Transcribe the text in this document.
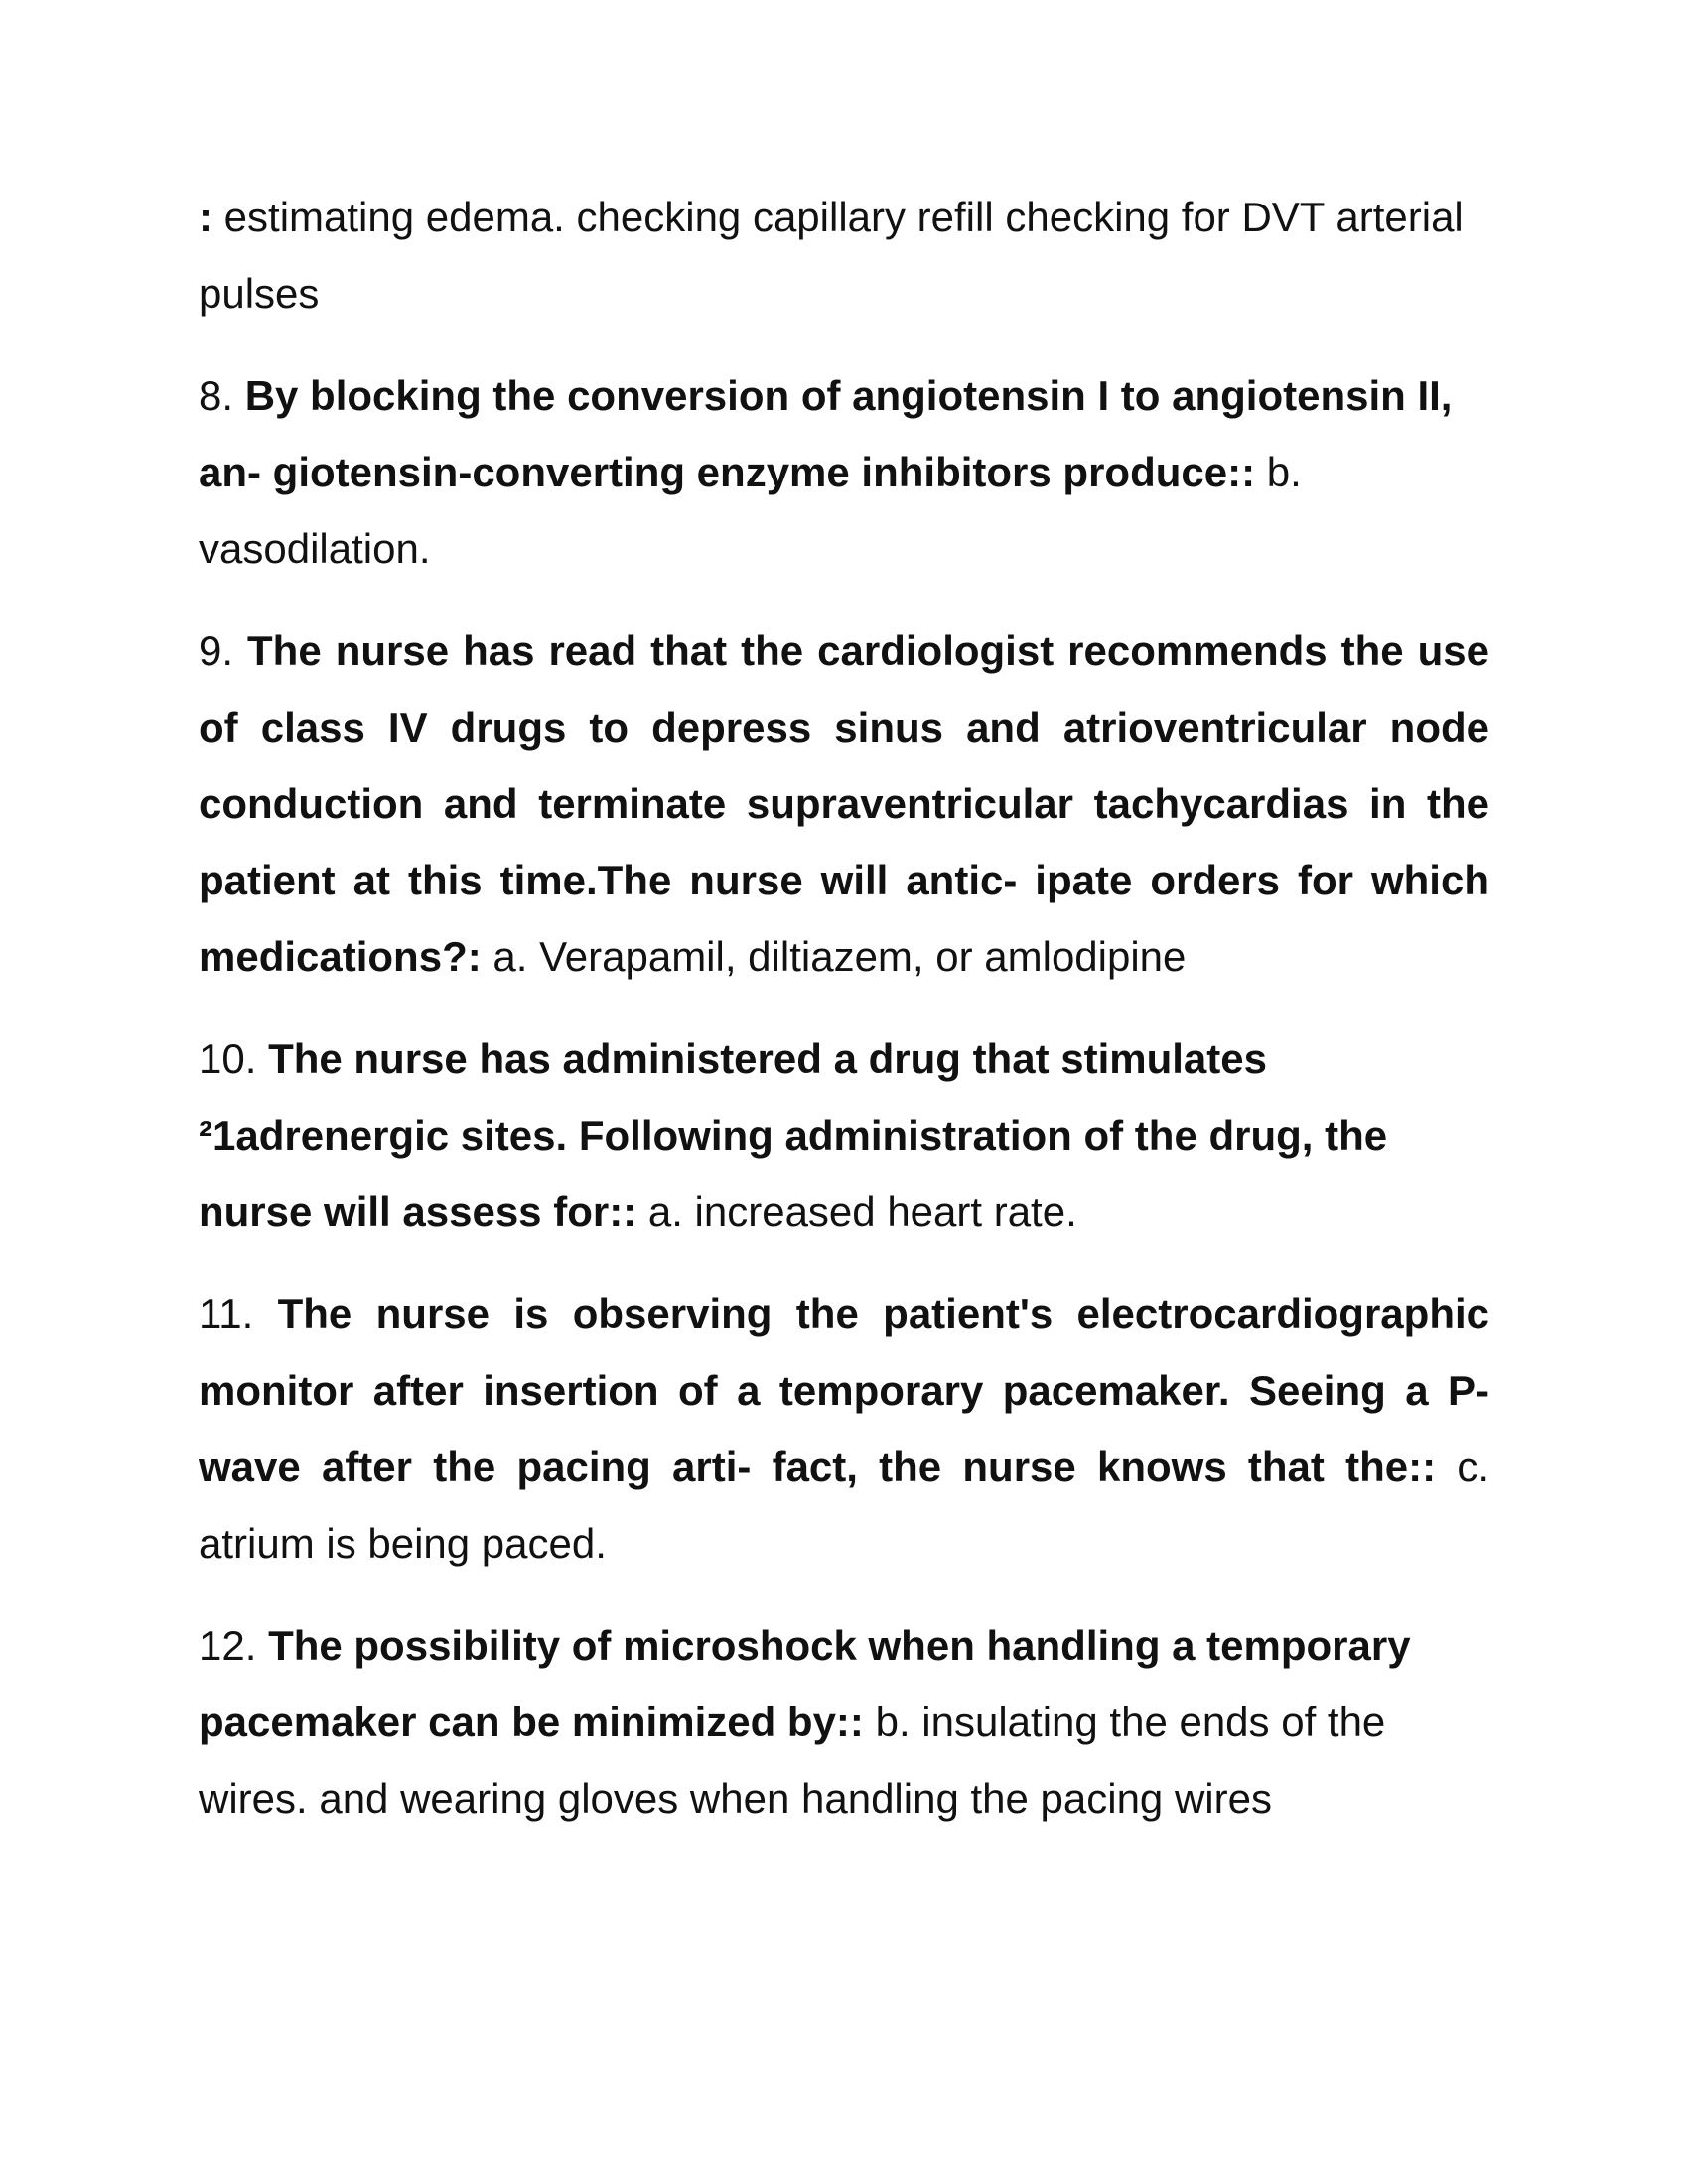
: estimating edema. checking capillary refill checking for DVT arterial pulses

8. By blocking the conversion of angiotensin I to angiotensin II, an- giotensin-converting enzyme inhibitors produce:: b. vasodilation.

9. The nurse has read that the cardiologist recommends the use of class IV drugs to depress sinus and atrioventricular node conduction and terminate supraventricular tachycardias in the patient at this time.The nurse will antic- ipate orders for which medications?: a. Verapamil, diltiazem, or amlodipine

10. The nurse has administered a drug that stimulates ²1adrenergic sites. Following administration of the drug, the nurse will assess for:: a. increased heart rate.

11. The nurse is observing the patient's electrocardiographic monitor after insertion of a temporary pacemaker. Seeing a P- wave after the pacing arti- fact, the nurse knows that the:: c. atrium is being paced.

12. The possibility of microshock when handling a temporary pacemaker can be minimized by:: b. insulating the ends of the wires. and wearing gloves when handling the pacing wires
